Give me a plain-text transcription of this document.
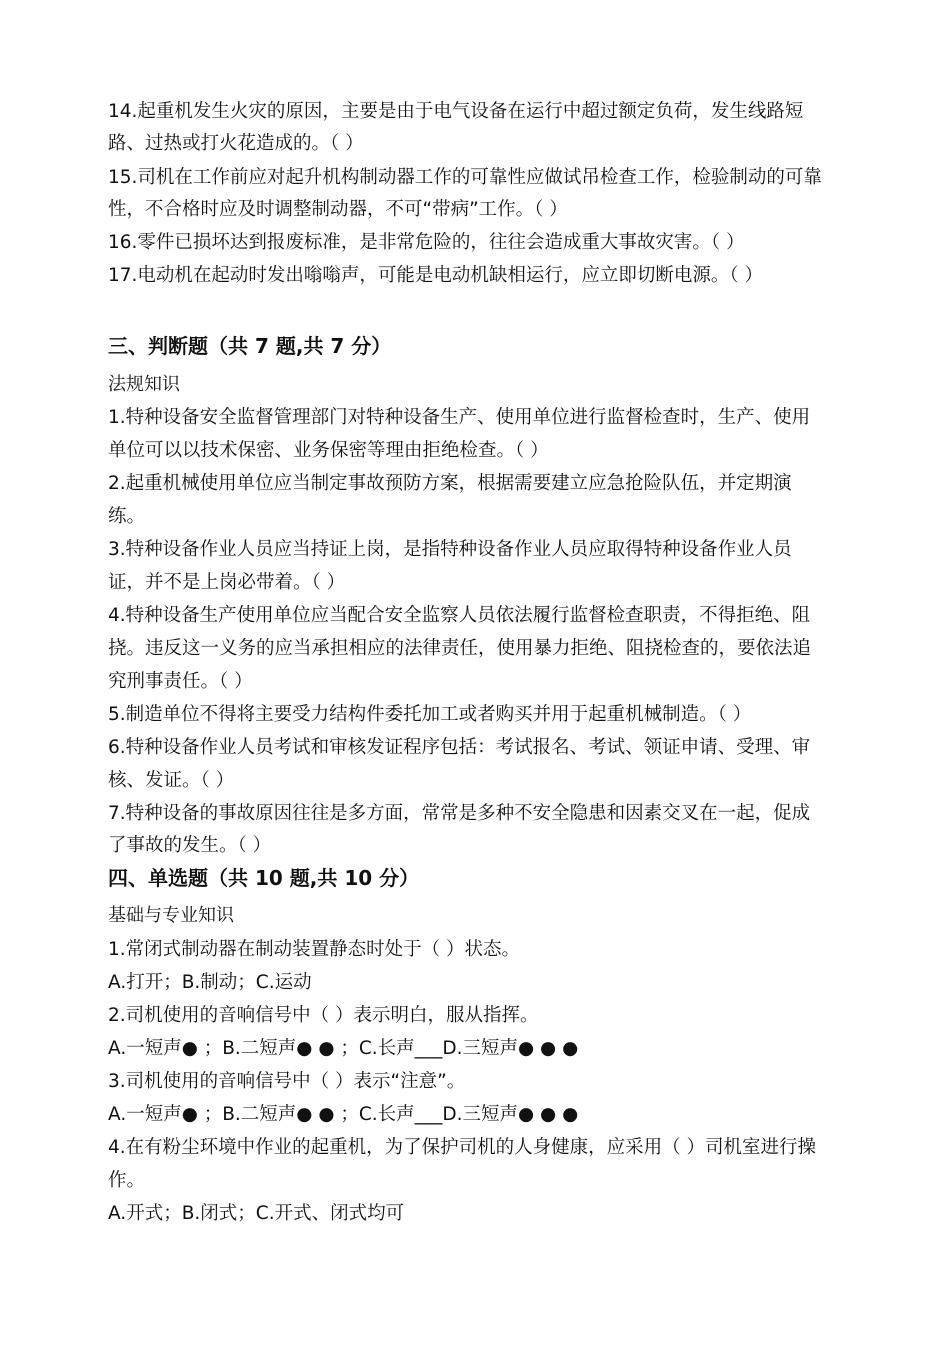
14.起重机发生火灾的原因，主要是由于电气设备在运行中超过额定负荷，发生线路短
路、过热或打火花造成的。（ ）
15.司机在工作前应对起升机构制动器工作的可靠性应做试吊检查工作，检验制动的可靠
性，不合格时应及时调整制动器，不可“带病”工作。（ ）
16.零件已损坏达到报废标准，是非常危险的，往往会造成重大事故灾害。（ ）
17.电动机在起动时发出嗡嗡声，可能是电动机缺相运行，应立即切断电源。（ ）
三、判断题（共 7 题,共 7 分）
法规知识
1.特种设备安全监督管理部门对特种设备生产、使用单位进行监督检查时，生产、使用
单位可以以技术保密、业务保密等理由拒绝检查。（ ）
2.起重机械使用单位应当制定事故预防方案，根据需要建立应急抢险队伍，并定期演
练。
3.特种设备作业人员应当持证上岗，是指特种设备作业人员应取得特种设备作业人员
证，并不是上岗必带着。（ ）
4.特种设备生产使用单位应当配合安全监察人员依法履行监督检查职责，不得拒绝、阻
挠。违反这一义务的应当承担相应的法律责任，使用暴力拒绝、阻挠检查的，要依法追
究刑事责任。（ ）
5.制造单位不得将主要受力结构件委托加工或者购买并用于起重机械制造。（ ）
6.特种设备作业人员考试和审核发证程序包括：考试报名、考试、领证申请、受理、审
核、发证。（ ）
7.特种设备的事故原因往往是多方面，常常是多种不安全隐患和因素交叉在一起，促成
了事故的发生。（ ）
四、单选题（共 10 题,共 10 分）
基础与专业知识
1.常闭式制动器在制动装置静态时处于（ ）状态。
A.打开；B.制动；C.运动
2.司机使用的音响信号中（ ）表示明白，服从指挥。
A.一短声● ；B.二短声● ● ；C.长声___D.三短声● ● ●
3.司机使用的音响信号中（ ）表示“注意”。
A.一短声● ；B.二短声● ● ；C.长声___D.三短声● ● ●
4.在有粉尘环境中作业的起重机，为了保护司机的人身健康，应采用（ ）司机室进行操
作。
A.开式；B.闭式；C.开式、闭式均可
